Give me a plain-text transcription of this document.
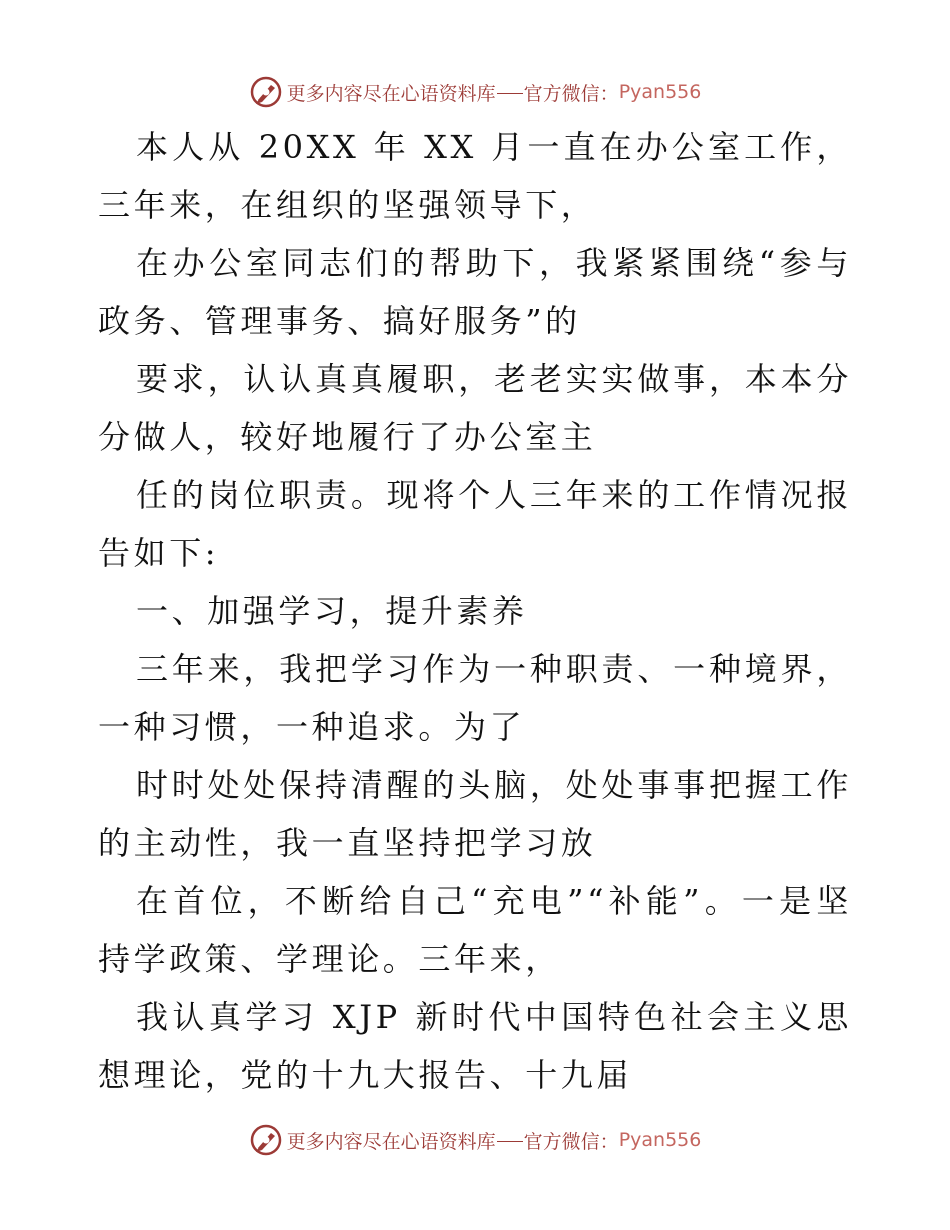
更多内容尽在心语资料库 官方微信： Pyan556

本人从 20XX 年 XX 月一直在办公室工作，三年来，在组织的坚强领导下，

在办公室同志们的帮助下，我紧紧围绕“参与政务、管理事务、搞好服务”的

要求，认认真真履职，老老实实做事，本本分分做人，较好地履行了办公室主

任的岗位职责。现将个人三年来的工作情况报告如下:

一、加强学习，提升素养

三年来，我把学习作为一种职责、一种境界，一种习惯，一种追求。为了

时时处处保持清醒的头脑，处处事事把握工作的主动性，我一直坚持把学习放

在首位，不断给自己“充电”“补能”。一是坚持学政策、学理论。三年来，

我认真学习 XJP 新时代中国特色社会主义思想理论，党的十九大报告、十九届

更多内容尽在心语资料库 官方微信： Pyan556
